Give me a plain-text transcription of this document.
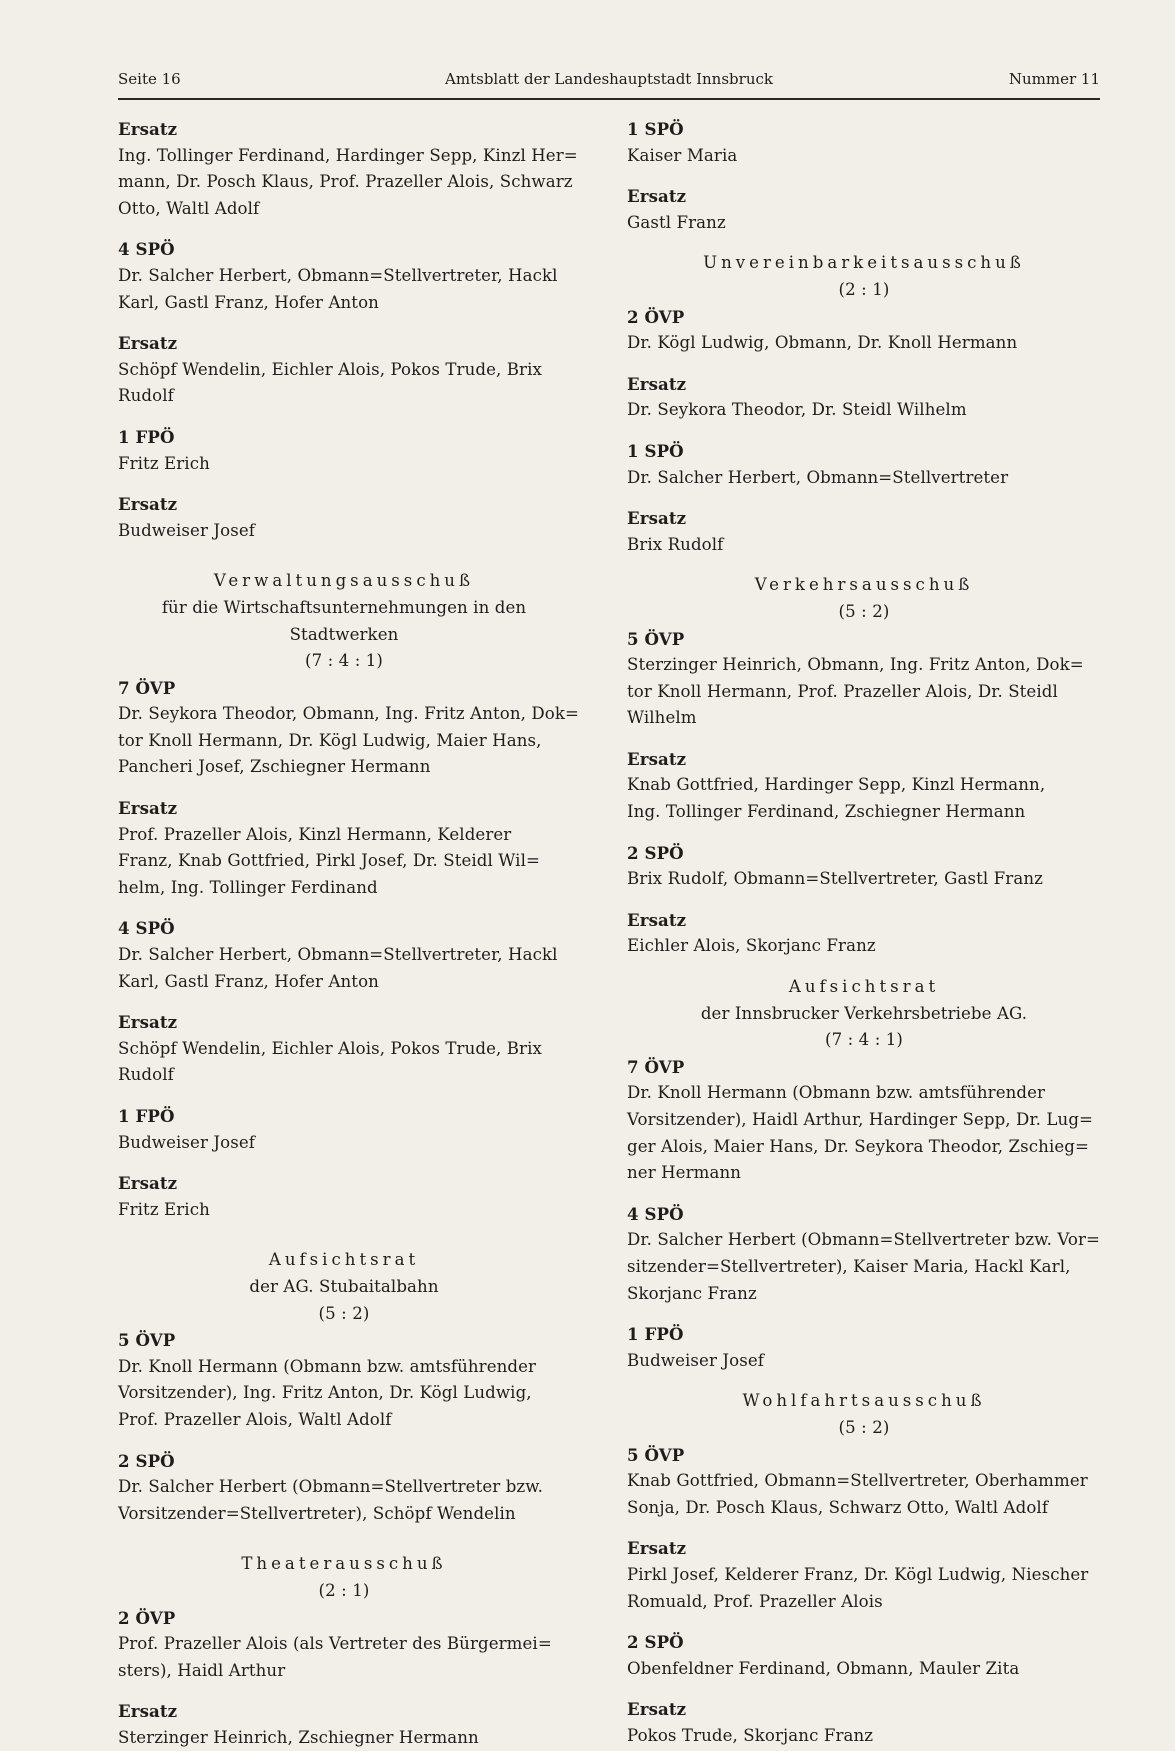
Seite 16	Amtsblatt der Landeshauptstadt Innsbruck	Nummer 11
Ersatz
Ing. Tollinger Ferdinand, Hardinger Sepp, Kinzl Her=
mann, Dr. Posch Klaus, Prof. Prazeller Alois, Schwarz
Otto, Waltl Adolf
4 SPÖ
Dr. Salcher Herbert, Obmann=Stellvertreter, Hackl
Karl, Gastl Franz, Hofer Anton
Ersatz
Schöpf Wendelin, Eichler Alois, Pokos Trude, Brix
Rudolf
1 FPÖ
Fritz Erich
Ersatz
Budweiser Josef
Verwaltungsausschuß
für die Wirtschaftsunternehmungen in den
Stadtwerken
(7 : 4 : 1)
7 ÖVP
Dr. Seykora Theodor, Obmann, Ing. Fritz Anton, Dok=
tor Knoll Hermann, Dr. Kögl Ludwig, Maier Hans,
Pancheri Josef, Zschiegner Hermann
Ersatz
Prof. Prazeller Alois, Kinzl Hermann, Kelderer
Franz, Knab Gottfried, Pirkl Josef, Dr. Steidl Wil=
helm, Ing. Tollinger Ferdinand
4 SPÖ
Dr. Salcher Herbert, Obmann=Stellvertreter, Hackl
Karl, Gastl Franz, Hofer Anton
Ersatz
Schöpf Wendelin, Eichler Alois, Pokos Trude, Brix
Rudolf
1 FPÖ
Budweiser Josef
Ersatz
Fritz Erich
Aufsichtsrat
der AG. Stubaitalbahn
(5 : 2)
5 ÖVP
Dr. Knoll Hermann (Obmann bzw. amtsführender
Vorsitzender), Ing. Fritz Anton, Dr. Kögl Ludwig,
Prof. Prazeller Alois, Waltl Adolf
2 SPÖ
Dr. Salcher Herbert (Obmann=Stellvertreter bzw.
Vorsitzender=Stellvertreter), Schöpf Wendelin
Theaterausschuß
(2 : 1)
2 ÖVP
Prof. Prazeller Alois (als Vertreter des Bürgermei=
sters), Haidl Arthur
Ersatz
Sterzinger Heinrich, Zschiegner Hermann
1 SPÖ
Kaiser Maria
Ersatz
Gastl Franz
Unvereinbarkeitsausschuß
(2 : 1)
2 ÖVP
Dr. Kögl Ludwig, Obmann, Dr. Knoll Hermann
Ersatz
Dr. Seykora Theodor, Dr. Steidl Wilhelm
1 SPÖ
Dr. Salcher Herbert, Obmann=Stellvertreter
Ersatz
Brix Rudolf
Verkehrsausschuß
(5 : 2)
5 ÖVP
Sterzinger Heinrich, Obmann, Ing. Fritz Anton, Dok=
tor Knoll Hermann, Prof. Prazeller Alois, Dr. Steidl
Wilhelm
Ersatz
Knab Gottfried, Hardinger Sepp, Kinzl Hermann,
Ing. Tollinger Ferdinand, Zschiegner Hermann
2 SPÖ
Brix Rudolf, Obmann=Stellvertreter, Gastl Franz
Ersatz
Eichler Alois, Skorjanc Franz
Aufsichtsrat
der Innsbrucker Verkehrsbetriebe AG.
(7 : 4 : 1)
7 ÖVP
Dr. Knoll Hermann (Obmann bzw. amtsführender
Vorsitzender), Haidl Arthur, Hardinger Sepp, Dr. Lug=
ger Alois, Maier Hans, Dr. Seykora Theodor, Zschieg=
ner Hermann
4 SPÖ
Dr. Salcher Herbert (Obmann=Stellvertreter bzw. Vor=
sitzender=Stellvertreter), Kaiser Maria, Hackl Karl,
Skorjanc Franz
1 FPÖ
Budweiser Josef
Wohlfahrtsausschuß
(5 : 2)
5 ÖVP
Knab Gottfried, Obmann=Stellvertreter, Oberhammer
Sonja, Dr. Posch Klaus, Schwarz Otto, Waltl Adolf
Ersatz
Pirkl Josef, Kelderer Franz, Dr. Kögl Ludwig, Niescher
Romuald, Prof. Prazeller Alois
2 SPÖ
Obenfeldner Ferdinand, Obmann, Mauler Zita
Ersatz
Pokos Trude, Skorjanc Franz
